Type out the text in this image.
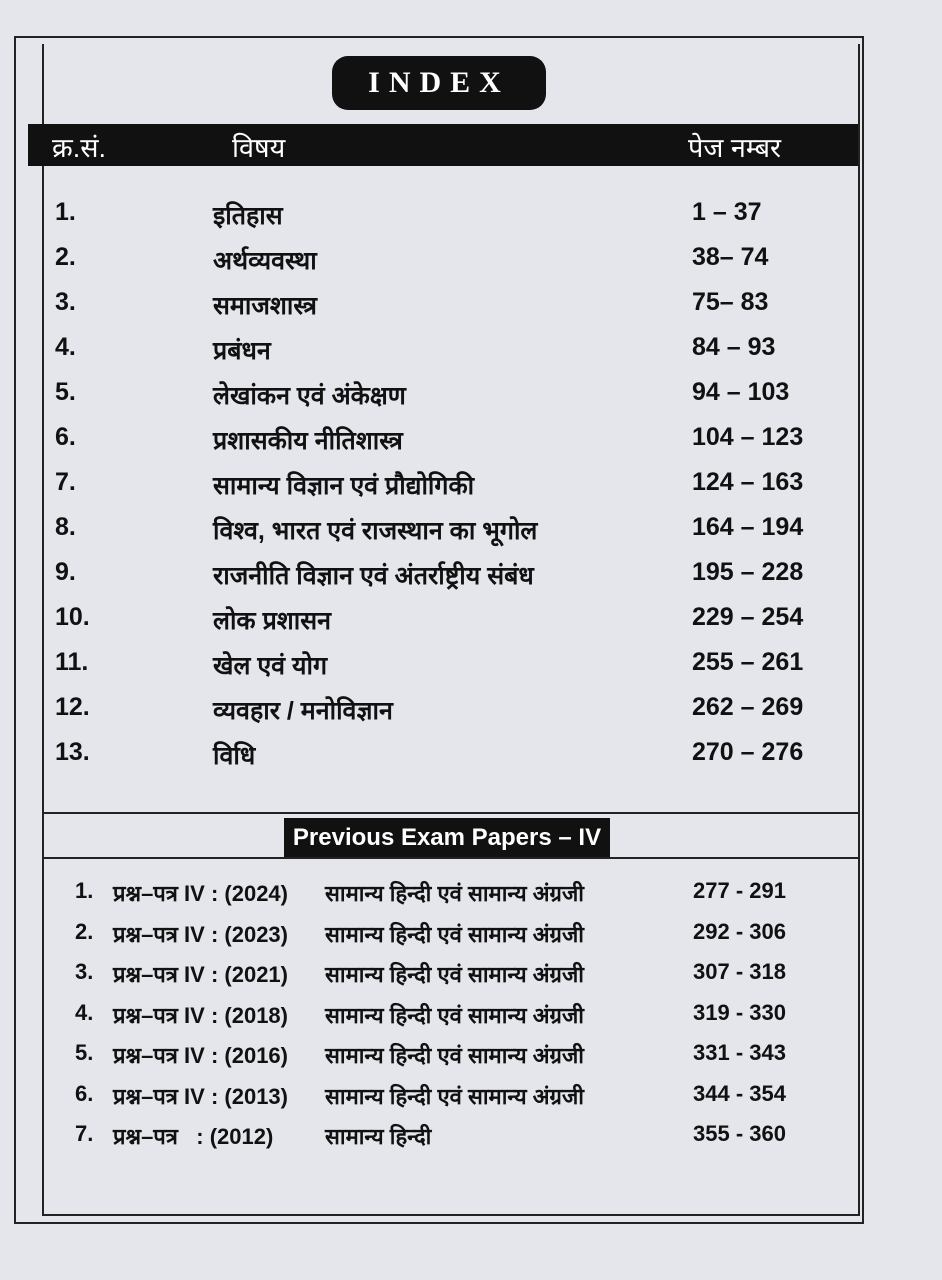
INDEX
क्र.सं.	विषय	पेज नम्बर
1.	इतिहास	1 – 37
2.	अर्थव्यवस्था	38– 74
3.	समाजशास्त्र	75– 83
4.	प्रबंधन	84 – 93
5.	लेखांकन एवं अंकेक्षण	94 – 103
6.	प्रशासकीय नीतिशास्त्र	104 – 123
7.	सामान्य विज्ञान एवं प्रौद्योगिकी	124 – 163
8.	विश्व, भारत एवं राजस्थान का भूगोल	164 – 194
9.	राजनीति विज्ञान एवं अंतर्राष्ट्रीय संबंध	195 – 228
10.	लोक प्रशासन	229 – 254
11.	खेल एवं योग	255 – 261
12.	व्यवहार / मनोविज्ञान	262 – 269
13.	विधि	270 – 276
Previous Exam Papers – IV
1. प्रश्न–पत्र IV : (2024) सामान्य हिन्दी एवं सामान्य अंग्रजी	277 - 291
2. प्रश्न–पत्र IV : (2023) सामान्य हिन्दी एवं सामान्य अंग्रजी	292 - 306
3. प्रश्न–पत्र IV : (2021) सामान्य हिन्दी एवं सामान्य अंग्रजी	307 - 318
4. प्रश्न–पत्र IV : (2018) सामान्य हिन्दी एवं सामान्य अंग्रजी	319 - 330
5. प्रश्न–पत्र IV : (2016) सामान्य हिन्दी एवं सामान्य अंग्रजी	331 - 343
6. प्रश्न–पत्र IV : (2013) सामान्य हिन्दी एवं सामान्य अंग्रजी	344 - 354
7. प्रश्न–पत्र   : (2012) सामान्य हिन्दी	355 - 360
